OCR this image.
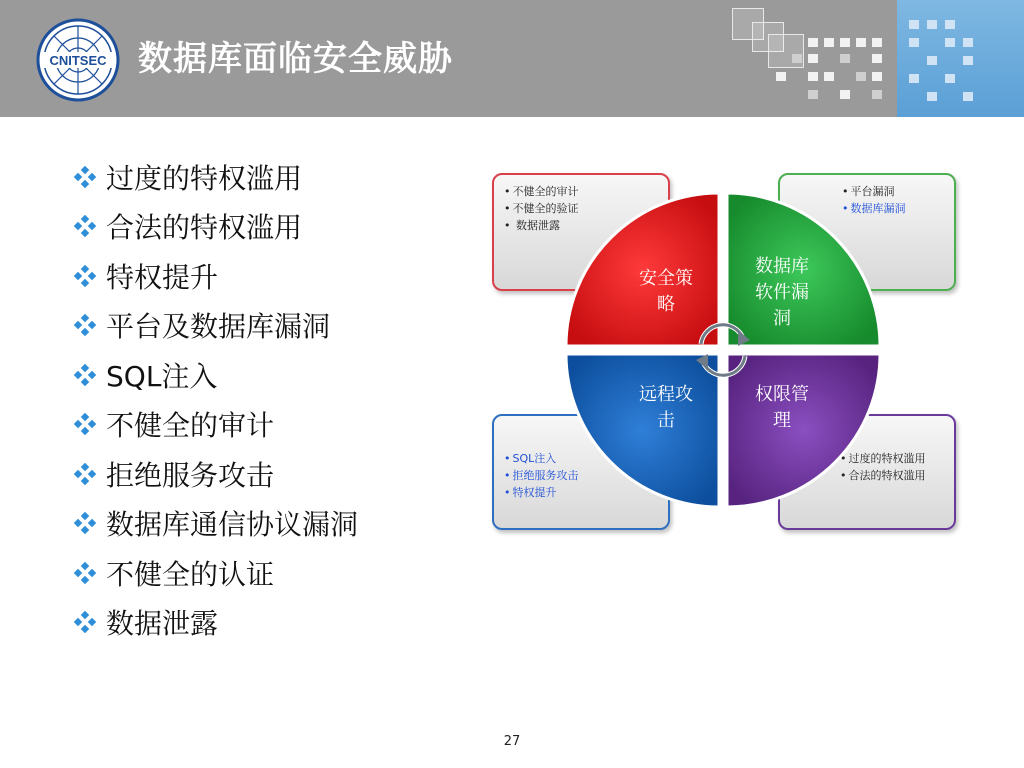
CNITSEC 数据库面临安全威胁
过度的特权滥用
合法的特权滥用
特权提升
平台及数据库漏洞
SQL注入
不健全的审计
拒绝服务攻击
数据库通信协议漏洞
不健全的认证
数据泄露
• 不健全的审计
• 不健全的验证
• 数据泄露
• 平台漏洞
• 数据库漏洞
• SQL注入
• 拒绝服务攻击
• 特权提升
• 过度的特权滥用
• 合法的特权滥用
安全策
略
数据库
软件漏
洞
远程攻
击
权限管
理
27
